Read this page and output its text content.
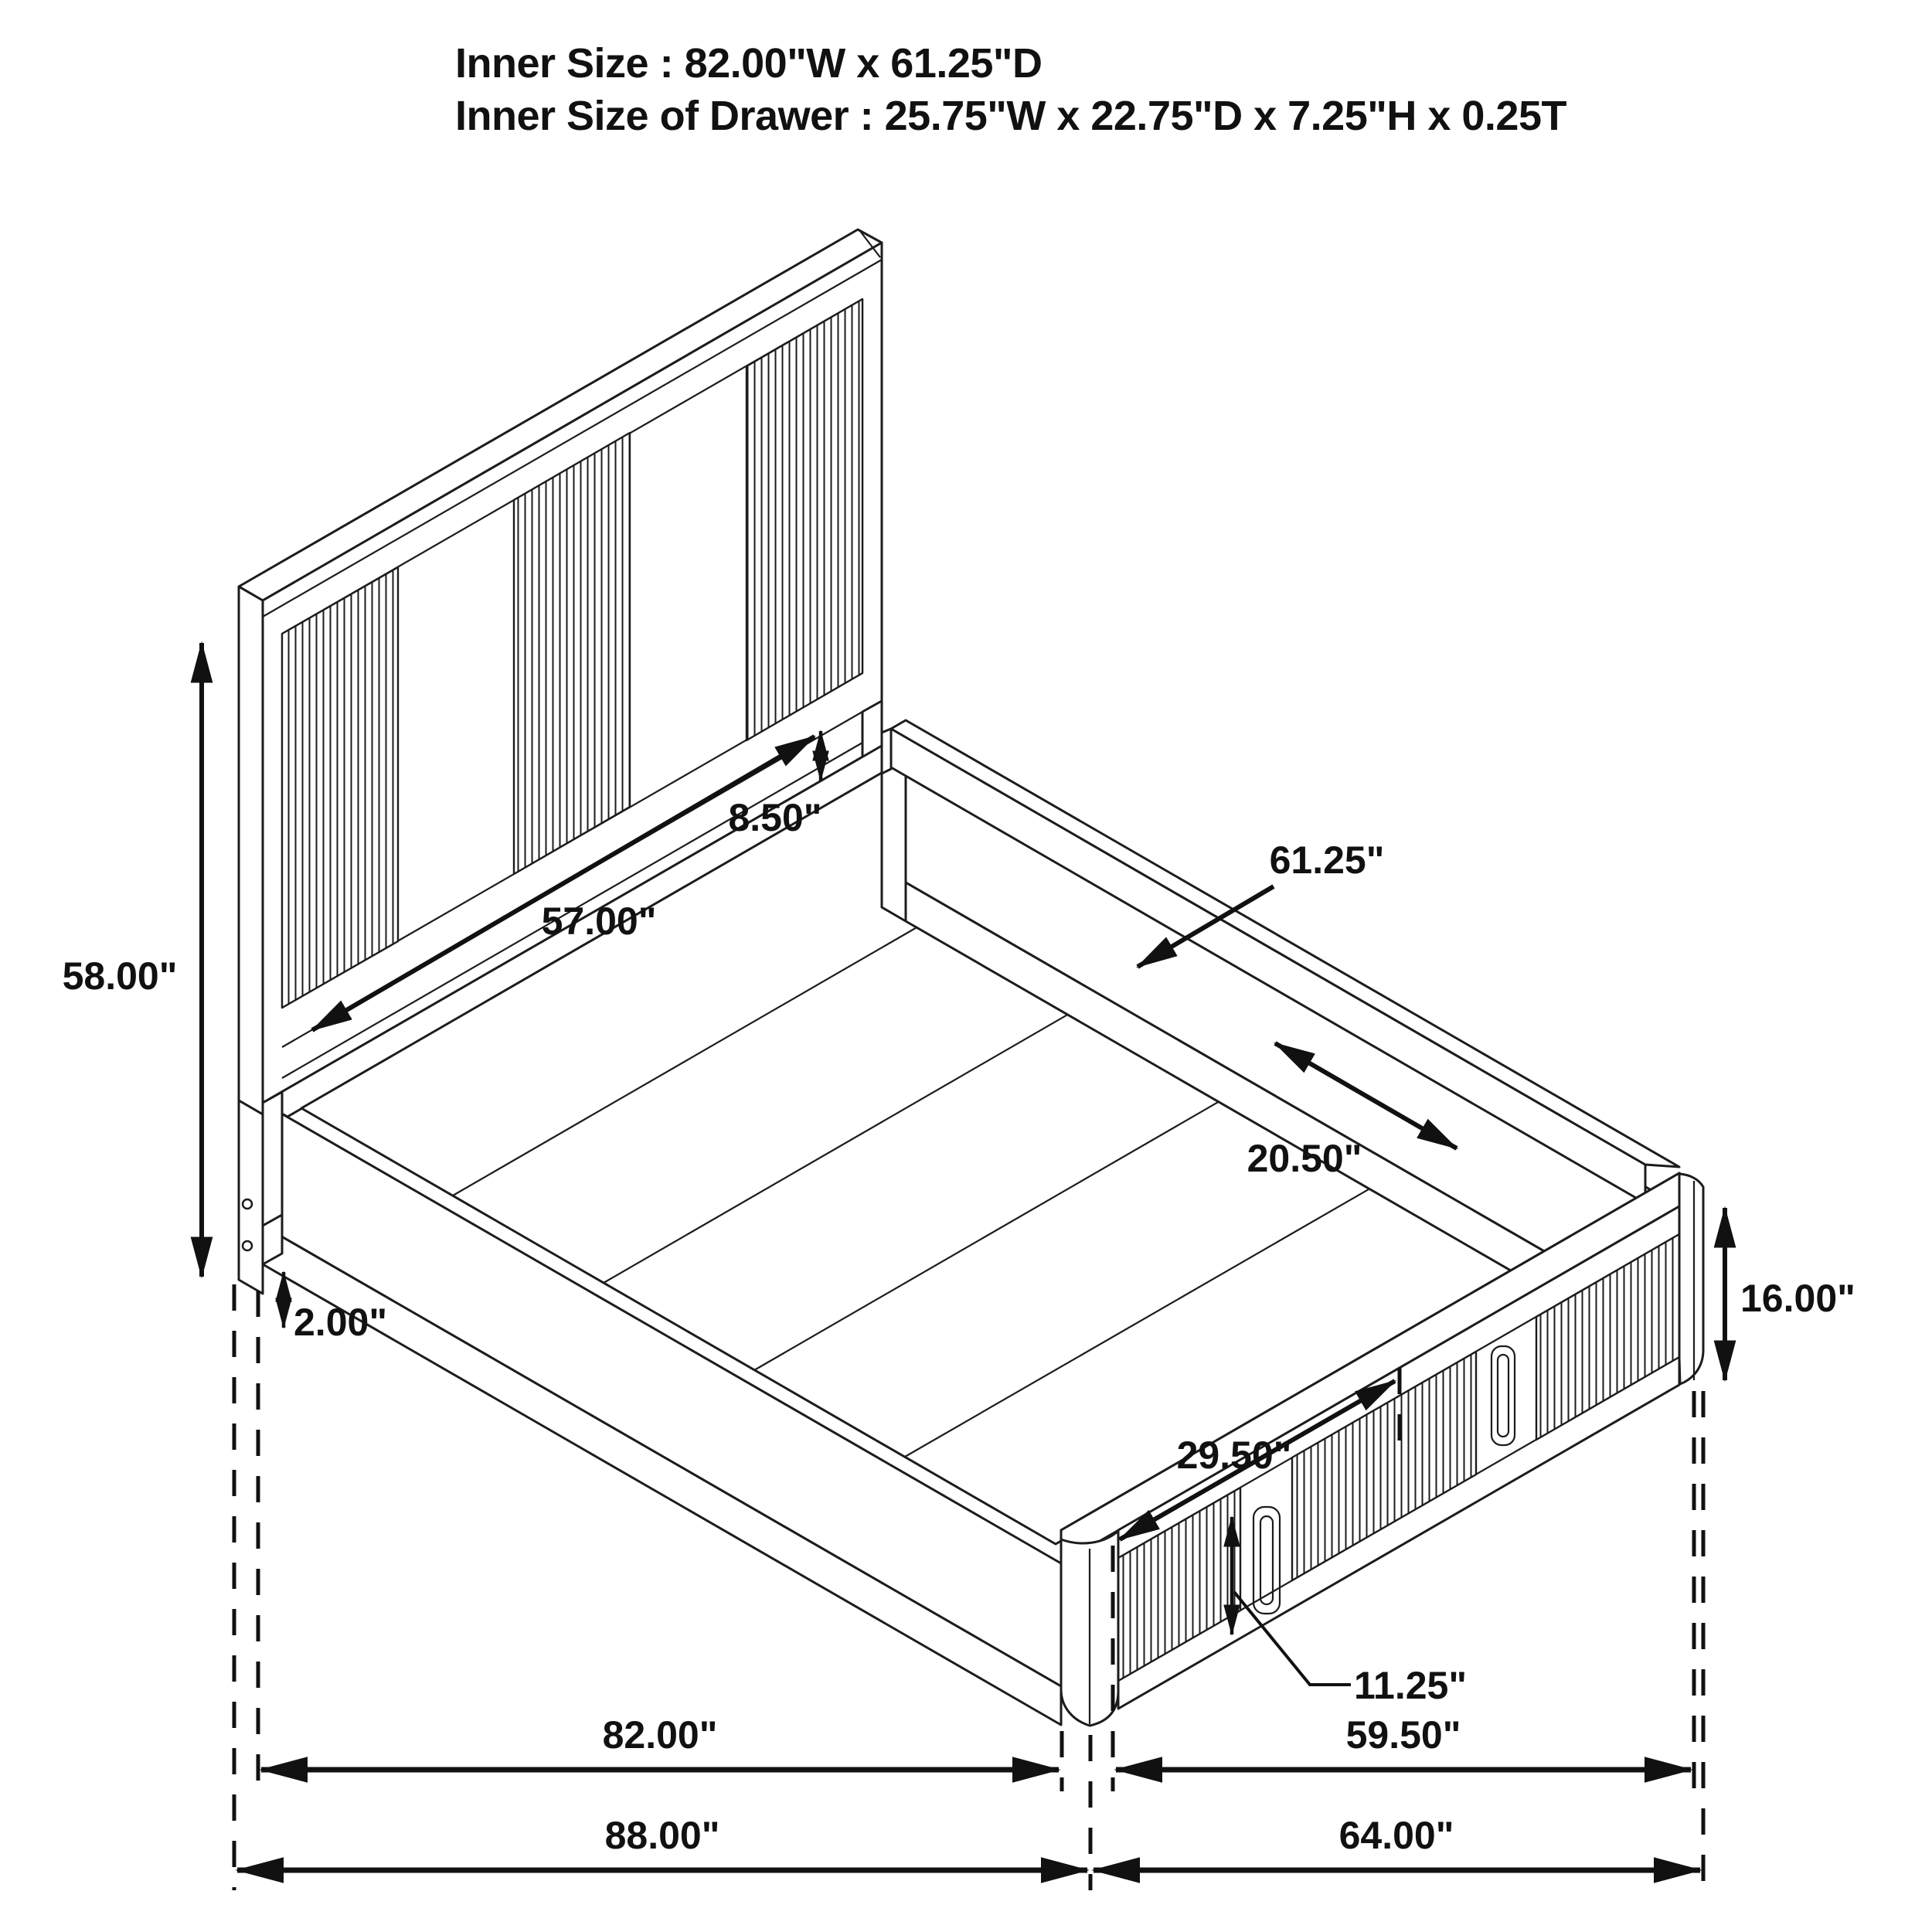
Inner Size : 82.00"W x 61.25"D
Inner Size of Drawer : 25.75"W x 22.75"D x 7.25"H x 0.25T
58.00"
2.00"
8.50"
57.00"
61.25"
20.50"
16.00"
29.50"
11.25"
82.00"	59.50"
88.00"	64.00"
